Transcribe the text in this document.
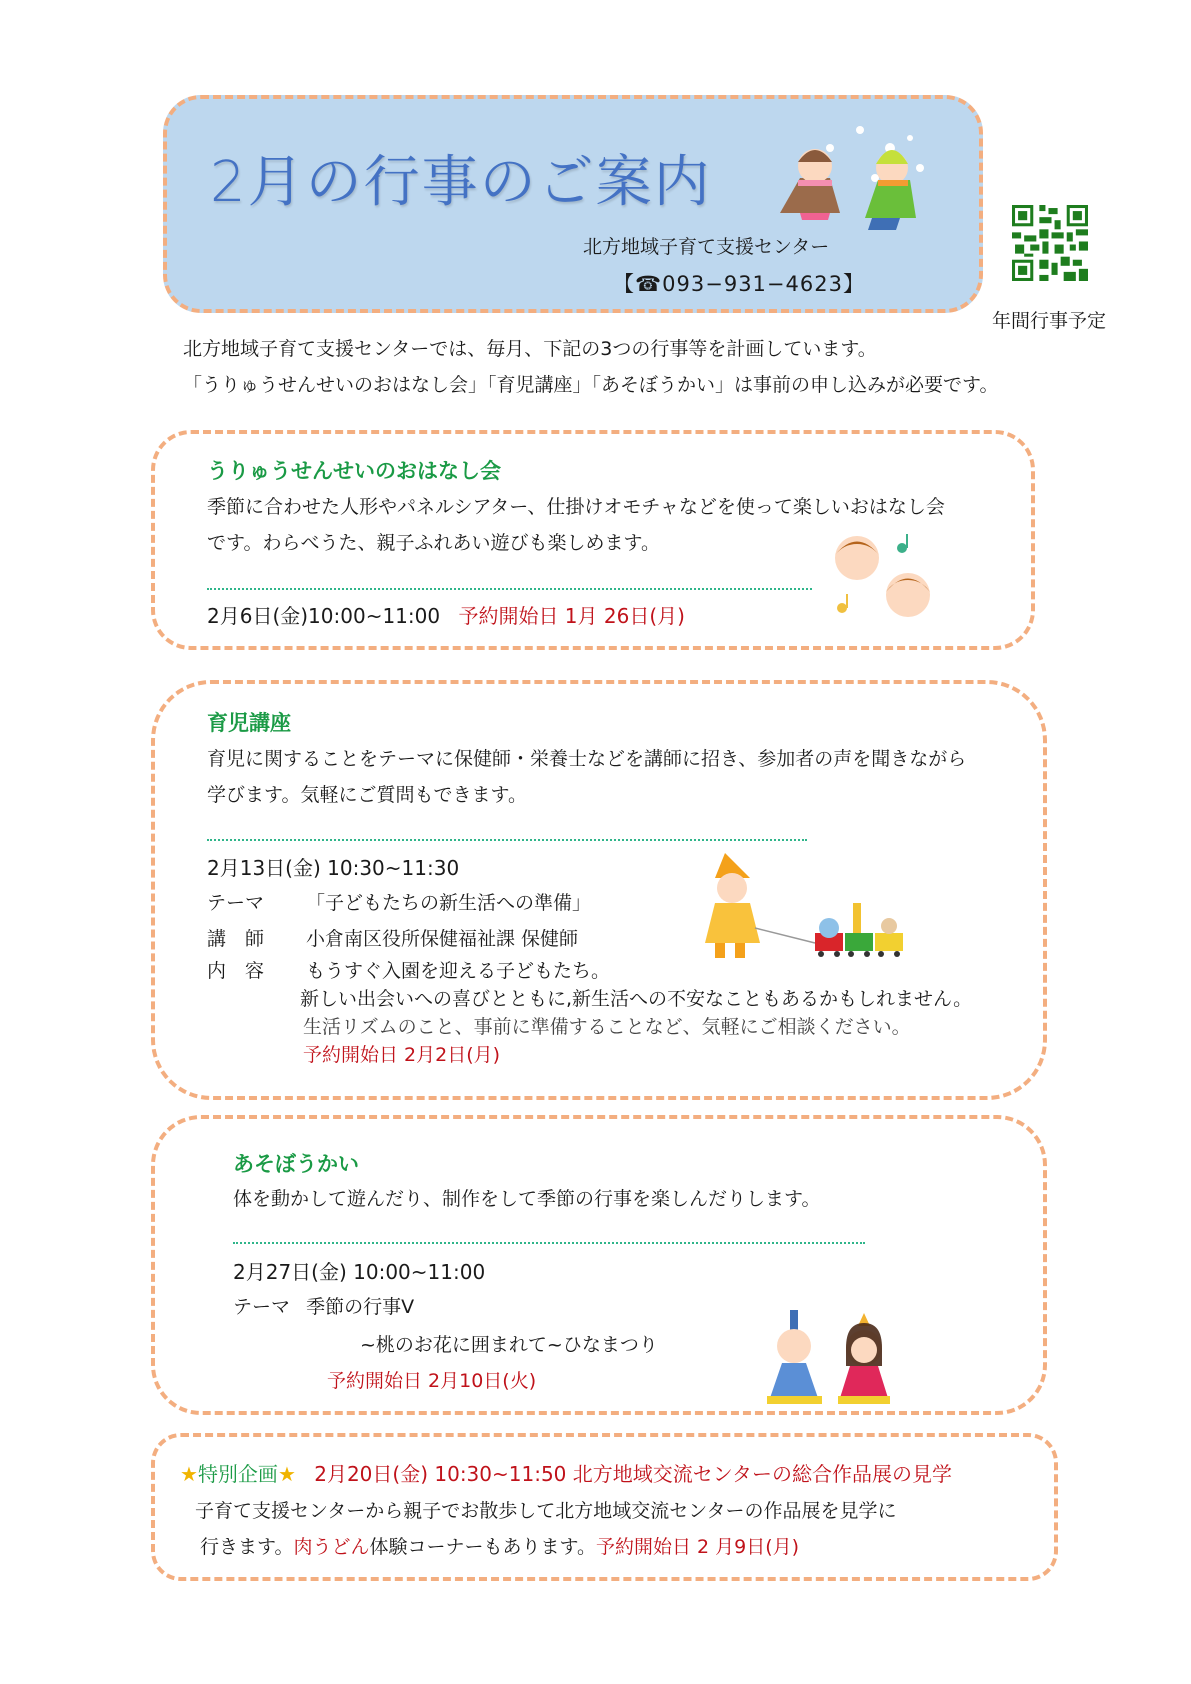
2月の行事のご案内
北方地域子育て支援センター
【☎093−931−4623】
年間行事予定
北方地域子育て支援センターでは、毎月、下記の3つの行事等を計画しています。
「うりゅうせんせいのおはなし会」「育児講座」「あそぼうかい」は事前の申し込みが必要です。
うりゅうせんせいのおはなし会
季節に合わせた人形やパネルシアター、仕掛けオモチャなどを使って楽しいおはなし会
です。わらべうた、親子ふれあい遊びも楽しめます。
2月6日(金)10:00~11:00 予約開始日 1月 26日(月)
育児講座
育児に関することをテーマに保健師・栄養士などを講師に招き、参加者の声を聞きながら
学びます。気軽にご質問もできます。
2月13日(金) 10:30~11:30
テーマ 「子どもたちの新生活への準備」
講　師 小倉南区役所保健福祉課 保健師
内　容 もうすぐ入園を迎える子どもたち。
新しい出会いへの喜びとともに,新生活への不安なこともあるかもしれません。
生活リズムのこと、事前に準備することなど、気軽にご相談ください。
予約開始日 2月2日(月)
あそぼうかい
体を動かして遊んだり、制作をして季節の行事を楽しんだりします。
2月27日(金) 10:00~11:00
テーマ 季節の行事Ⅴ
~桃のお花に囲まれて~ひなまつり
予約開始日 2月10日(火)
★特別企画★ 2月20日(金) 10:30~11:50 北方地域交流センターの総合作品展の見学
子育て支援センターから親子でお散歩して北方地域交流センターの作品展を見学に
行きます。肉うどん体験コーナーもあります。予約開始日 2 月9日(月)
